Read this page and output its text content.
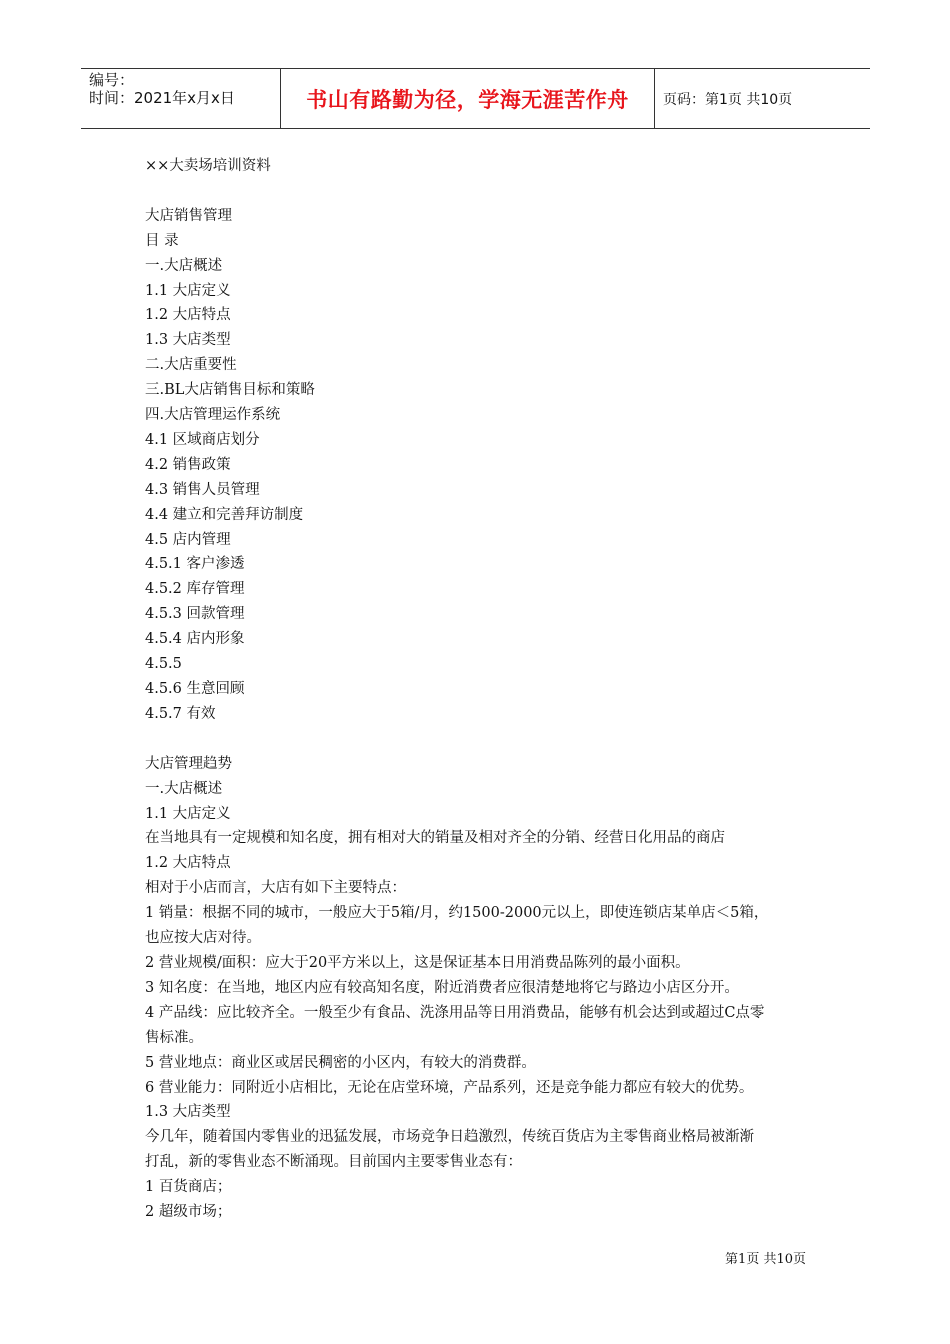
编号：
时间：2021年x月x日	书山有路勤为径，学海无涯苦作舟	页码：第1页 共10页
××大卖场培训资料
大店销售管理
目 录
一.大店概述
1.1 大店定义
1.2 大店特点
1.3 大店类型
二.大店重要性
三.BL大店销售目标和策略
四.大店管理运作系统
4.1 区域商店划分
4.2 销售政策
4.3 销售人员管理
4.4 建立和完善拜访制度
4.5 店内管理
4.5.1 客户渗透
4.5.2 库存管理
4.5.3 回款管理
4.5.4 店内形象
4.5.5
4.5.6 生意回顾
4.5.7 有效
大店管理趋势
一.大店概述
1.1 大店定义
在当地具有一定规模和知名度，拥有相对大的销量及相对齐全的分销、经营日化用品的商店
1.2 大店特点
相对于小店而言，大店有如下主要特点：
1 销量：根据不同的城市，一般应大于5箱/月，约1500-2000元以上，即使连锁店某单店＜5箱，
也应按大店对待。
2 营业规模/面积：应大于20平方米以上，这是保证基本日用消费品陈列的最小面积。
3 知名度：在当地，地区内应有较高知名度，附近消费者应很清楚地将它与路边小店区分开。
4 产品线：应比较齐全。一般至少有食品、洗涤用品等日用消费品，能够有机会达到或超过C点零
售标准。
5 营业地点：商业区或居民稠密的小区内，有较大的消费群。
6 营业能力：同附近小店相比，无论在店堂环境，产品系列，还是竞争能力都应有较大的优势。
1.3 大店类型
今几年，随着国内零售业的迅猛发展，市场竞争日趋激烈，传统百货店为主零售商业格局被渐渐
打乱，新的零售业态不断涌现。目前国内主要零售业态有：
1 百货商店；
2 超级市场；
第1页 共10页
